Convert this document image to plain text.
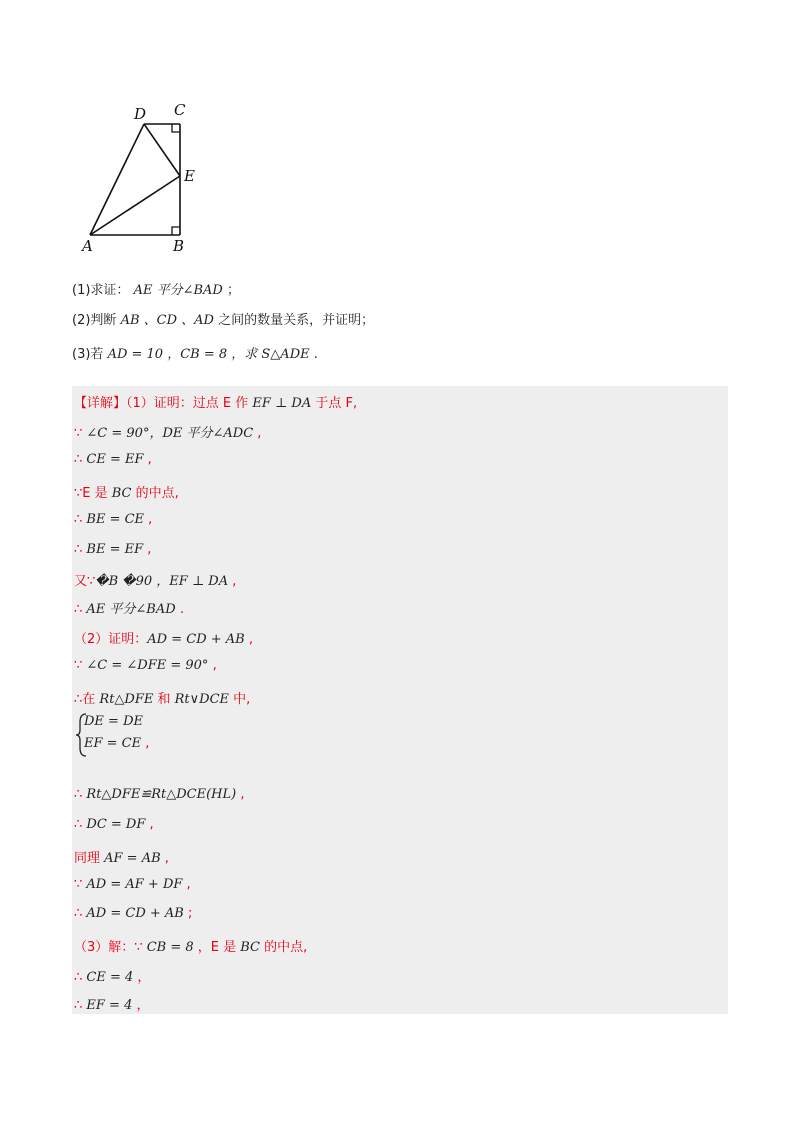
D C
E
A	B
(1)求证： AE 平分∠BAD ；
(2)判断 AB 、CD 、AD 之间的数量关系，并证明；
(3)若 AD = 10 ，CB = 8 ，求 S△ADE .
【详解】（1）证明：过点 E 作 EF ⊥ DA 于点 F,
∵ ∠C = 90°，DE 平分∠ADC ,
∴ CE = EF ,
∵E 是 BC 的中点,
∴ BE = CE ,
∴ BE = EF ,
又∵�B �90 ，EF ⊥ DA ,
∴ AE 平分∠BAD .
（2）证明：AD = CD + AB ,
∵ ∠C = ∠DFE = 90° ,
∴在 Rt△DFE 和 Rt∨DCE 中,
DE = DE
EF = CE ,
∴ Rt△DFE≌Rt△DCE(HL) ,
∴ DC = DF ,
同理 AF = AB ,
∵ AD = AF + DF ,
∴ AD = CD + AB ;
（3）解：∵ CB = 8 ，E 是 BC 的中点,
∴ CE = 4 ，
∴ EF = 4 ，
